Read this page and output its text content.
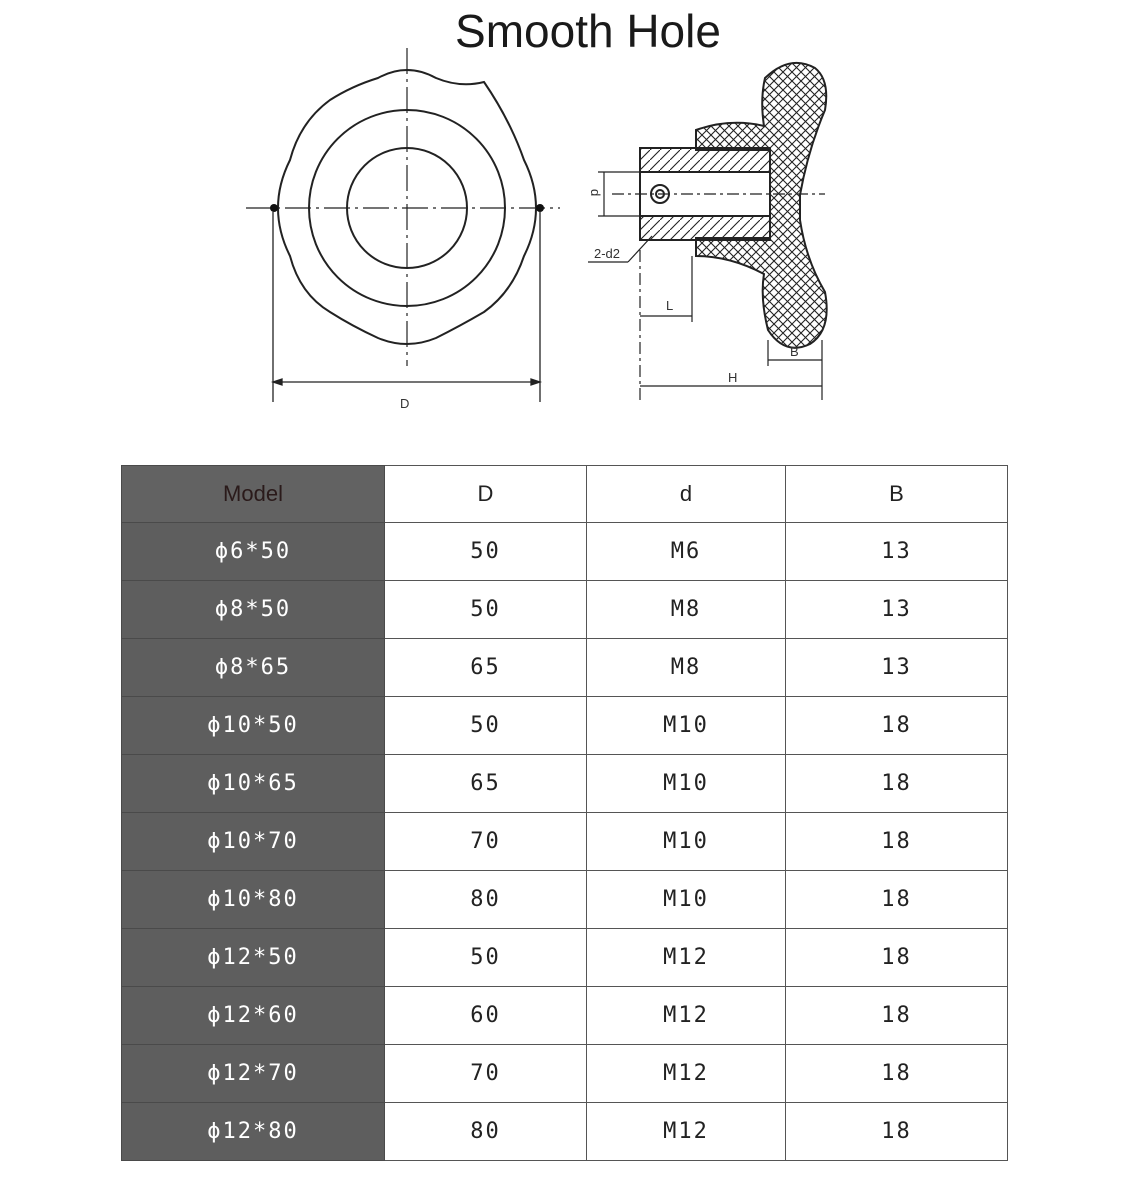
Smooth Hole
D
d
2-d2
L
B
H
Model	D	d	B
ϕ6*50	50	M6	13
ϕ8*50	50	M8	13
ϕ8*65	65	M8	13
ϕ10*50	50	M10	18
ϕ10*65	65	M10	18
ϕ10*70	70	M10	18
ϕ10*80	80	M10	18
ϕ12*50	50	M12	18
ϕ12*60	60	M12	18
ϕ12*70	70	M12	18
ϕ12*80	80	M12	18
